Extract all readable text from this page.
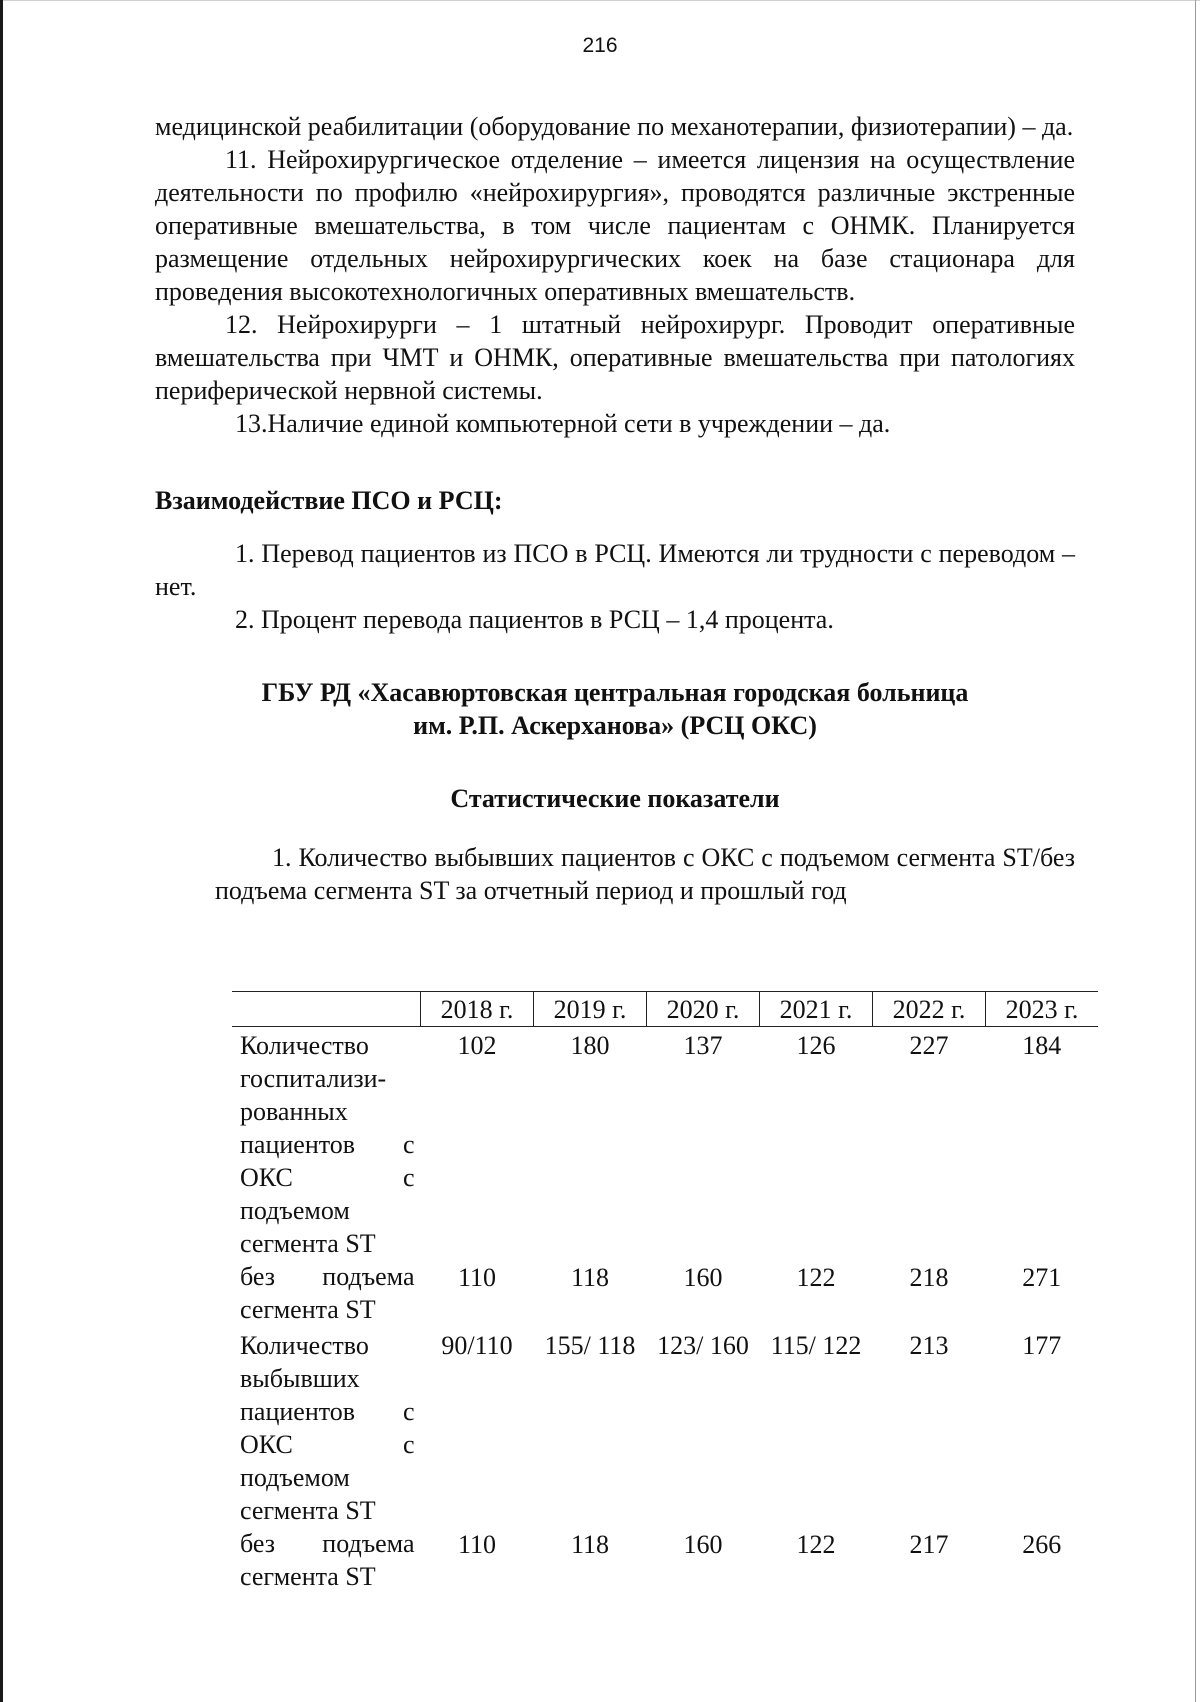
216

медицинской реабилитации (оборудование по механотерапии, физиотерапии) – да.

11. Нейрохирургическое отделение – имеется лицензия на осуществление деятельности по профилю «нейрохирургия», проводятся различные экстренные оперативные вмешательства, в том числе пациентам с ОНМК. Планируется размещение отдельных нейрохирургических коек на базе стационара для проведения высокотехнологичных оперативных вмешательств.

12. Нейрохирурги – 1 штатный нейрохирург. Проводит оперативные вмешательства при ЧМТ и ОНМК, оперативные вмешательства при патологиях периферической нервной системы.

13.Наличие единой компьютерной сети в учреждении – да.

Взаимодействие ПСО и РСЦ:

1. Перевод пациентов из ПСО в РСЦ. Имеются ли трудности с переводом – нет.

2. Процент перевода пациентов в РСЦ – 1,4 процента.

ГБУ РД «Хасавюртовская центральная городская больница

им. Р.П. Аскерханова» (РСЦ ОКС)

Статистические показатели

1. Количество выбывших пациентов с ОКС с подъемом сегмента ST/без подъема сегмента ST за отчетный период и прошлый год

	2018 г.	2019 г.	2020 г.	2021 г.	2022 г.	2023 г.
Количество госпитализи-рованных пациентов с ОКС с подъемом сегмента ST	102	180	137	126	227	184
без подъема сегмента ST	110	118	160	122	218	271
Количество выбывших пациентов с ОКС с подъемом сегмента ST	90/110	155/ 118	123/ 160	115/ 122	213	177
без подъема сегмента ST	110	118	160	122	217	266
